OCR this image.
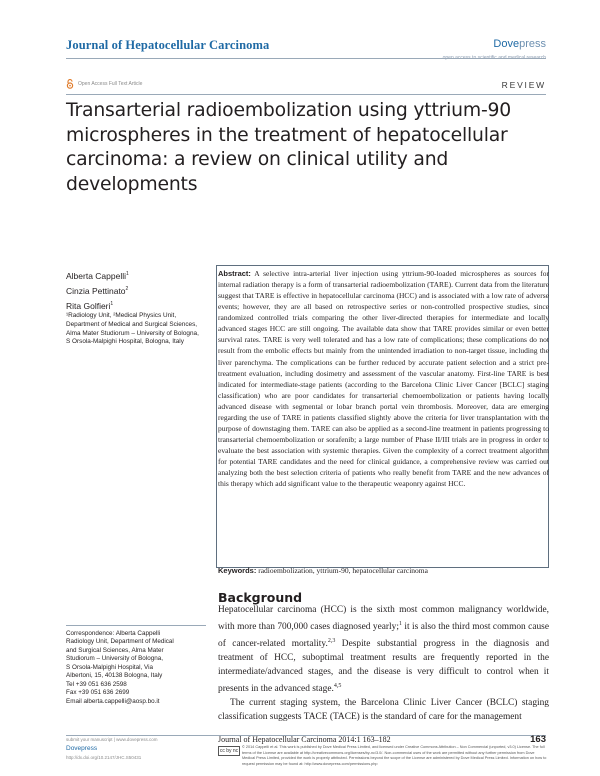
Journal of Hepatocellular Carcinoma	Dovepress
open access to scientific and medical research
Open Access Full Text Article	REVIEW
Transarterial radioembolization using yttrium-90 microspheres in the treatment of hepatocellular carcinoma: a review on clinical utility and developments
Alberta Cappelli$^1$
Cinzia Pettinato$^2$
Rita Golfieri$^1$
¹Radiology Unit, ²Medical Physics Unit, Department of Medical and Surgical Sciences, Alma Mater Studiorum – University of Bologna, S Orsola-Malpighi Hospital, Bologna, Italy
Abstract: A selective intra-arterial liver injection using yttrium-90-loaded microspheres as sources for internal radiation therapy is a form of transarterial radioembolization (TARE). Current data from the literature suggest that TARE is effective in hepatocellular carcinoma (HCC) and is associated with a low rate of adverse events; however, they are all based on retrospective series or non-controlled prospective studies, since randomized controlled trials comparing the other liver-directed therapies for intermediate and locally advanced stages HCC are still ongoing. The available data show that TARE provides similar or even better survival rates. TARE is very well tolerated and has a low rate of complications; these complications do not result from the embolic effects but mainly from the unintended irradiation to non-target tissue, including the liver parenchyma. The complications can be further reduced by accurate patient selection and a strict pre-treatment evaluation, including dosimetry and assessment of the vascular anatomy. First-line TARE is best indicated for intermediate-stage patients (according to the Barcelona Clinic Liver Cancer [BCLC] staging classification) who are poor candidates for transarterial chemoembolization or patients having locally advanced disease with segmental or lobar branch portal vein thrombosis. Moreover, data are emerging regarding the use of TARE in patients classified slightly above the criteria for liver transplantation with the purpose of downstaging them. TARE can also be applied as a second-line treatment in patients progressing to transarterial chemoembolization or sorafenib; a large number of Phase II/III trials are in progress in order to evaluate the best association with systemic therapies. Given the complexity of a correct treatment algorithm for potential TARE candidates and the need for clinical guidance, a comprehensive review was carried out analyzing both the best selection criteria of patients who really benefit from TARE and the new advances of this therapy which add significant value to the therapeutic weaponry against HCC.
Keywords: radioembolization, yttrium-90, hepatocellular carcinoma
Background

Hepatocellular carcinoma (HCC) is the sixth most common malignancy worldwide, with more than 700,000 cases diagnosed yearly;$^1$ it is also the third most common cause of cancer-related mortality.$^{2,3}$ Despite substantial progress in the diagnosis and treatment of HCC, suboptimal treatment results are frequently reported in the intermediate/advanced stages, and the disease is very difficult to control when it presents in the advanced stage.$^{4,5}$

The current staging system, the Barcelona Clinic Liver Cancer (BCLC) staging classification suggests TACE (TACE) is the standard of care for the management

Correspondence: Alberta Cappelli
Radiology Unit, Department of Medical
and Surgical Sciences, Alma Mater
Studiorum – University of Bologna,
S Orsola-Malpighi Hospital, Via
Albertoni, 15, 40138 Bologna, Italy
Tel +39 051 636 2598
Fax +39 051 636 2699
Email alberta.cappelli@aosp.bo.it
submit your manuscript | www.dovepress.com
Dovepress
http://dx.doi.org/10.2147/JHC.S50431
Journal of Hepatocellular Carcinoma 2014:1 163–182	163
cc by nc
© 2014 Cappelli et al. This work is published by Dove Medical Press Limited, and licensed under Creative Commons Attribution – Non Commercial (unported, v3.0) License. The full terms of the License are available at http://creativecommons.org/licenses/by-nc/3.0/. Non-commercial uses of the work are permitted without any further permission from Dove Medical Press Limited, provided the work is properly attributed. Permissions beyond the scope of the License are administered by Dove Medical Press Limited. Information on how to request permission may be found at: http://www.dovepress.com/permissions.php
